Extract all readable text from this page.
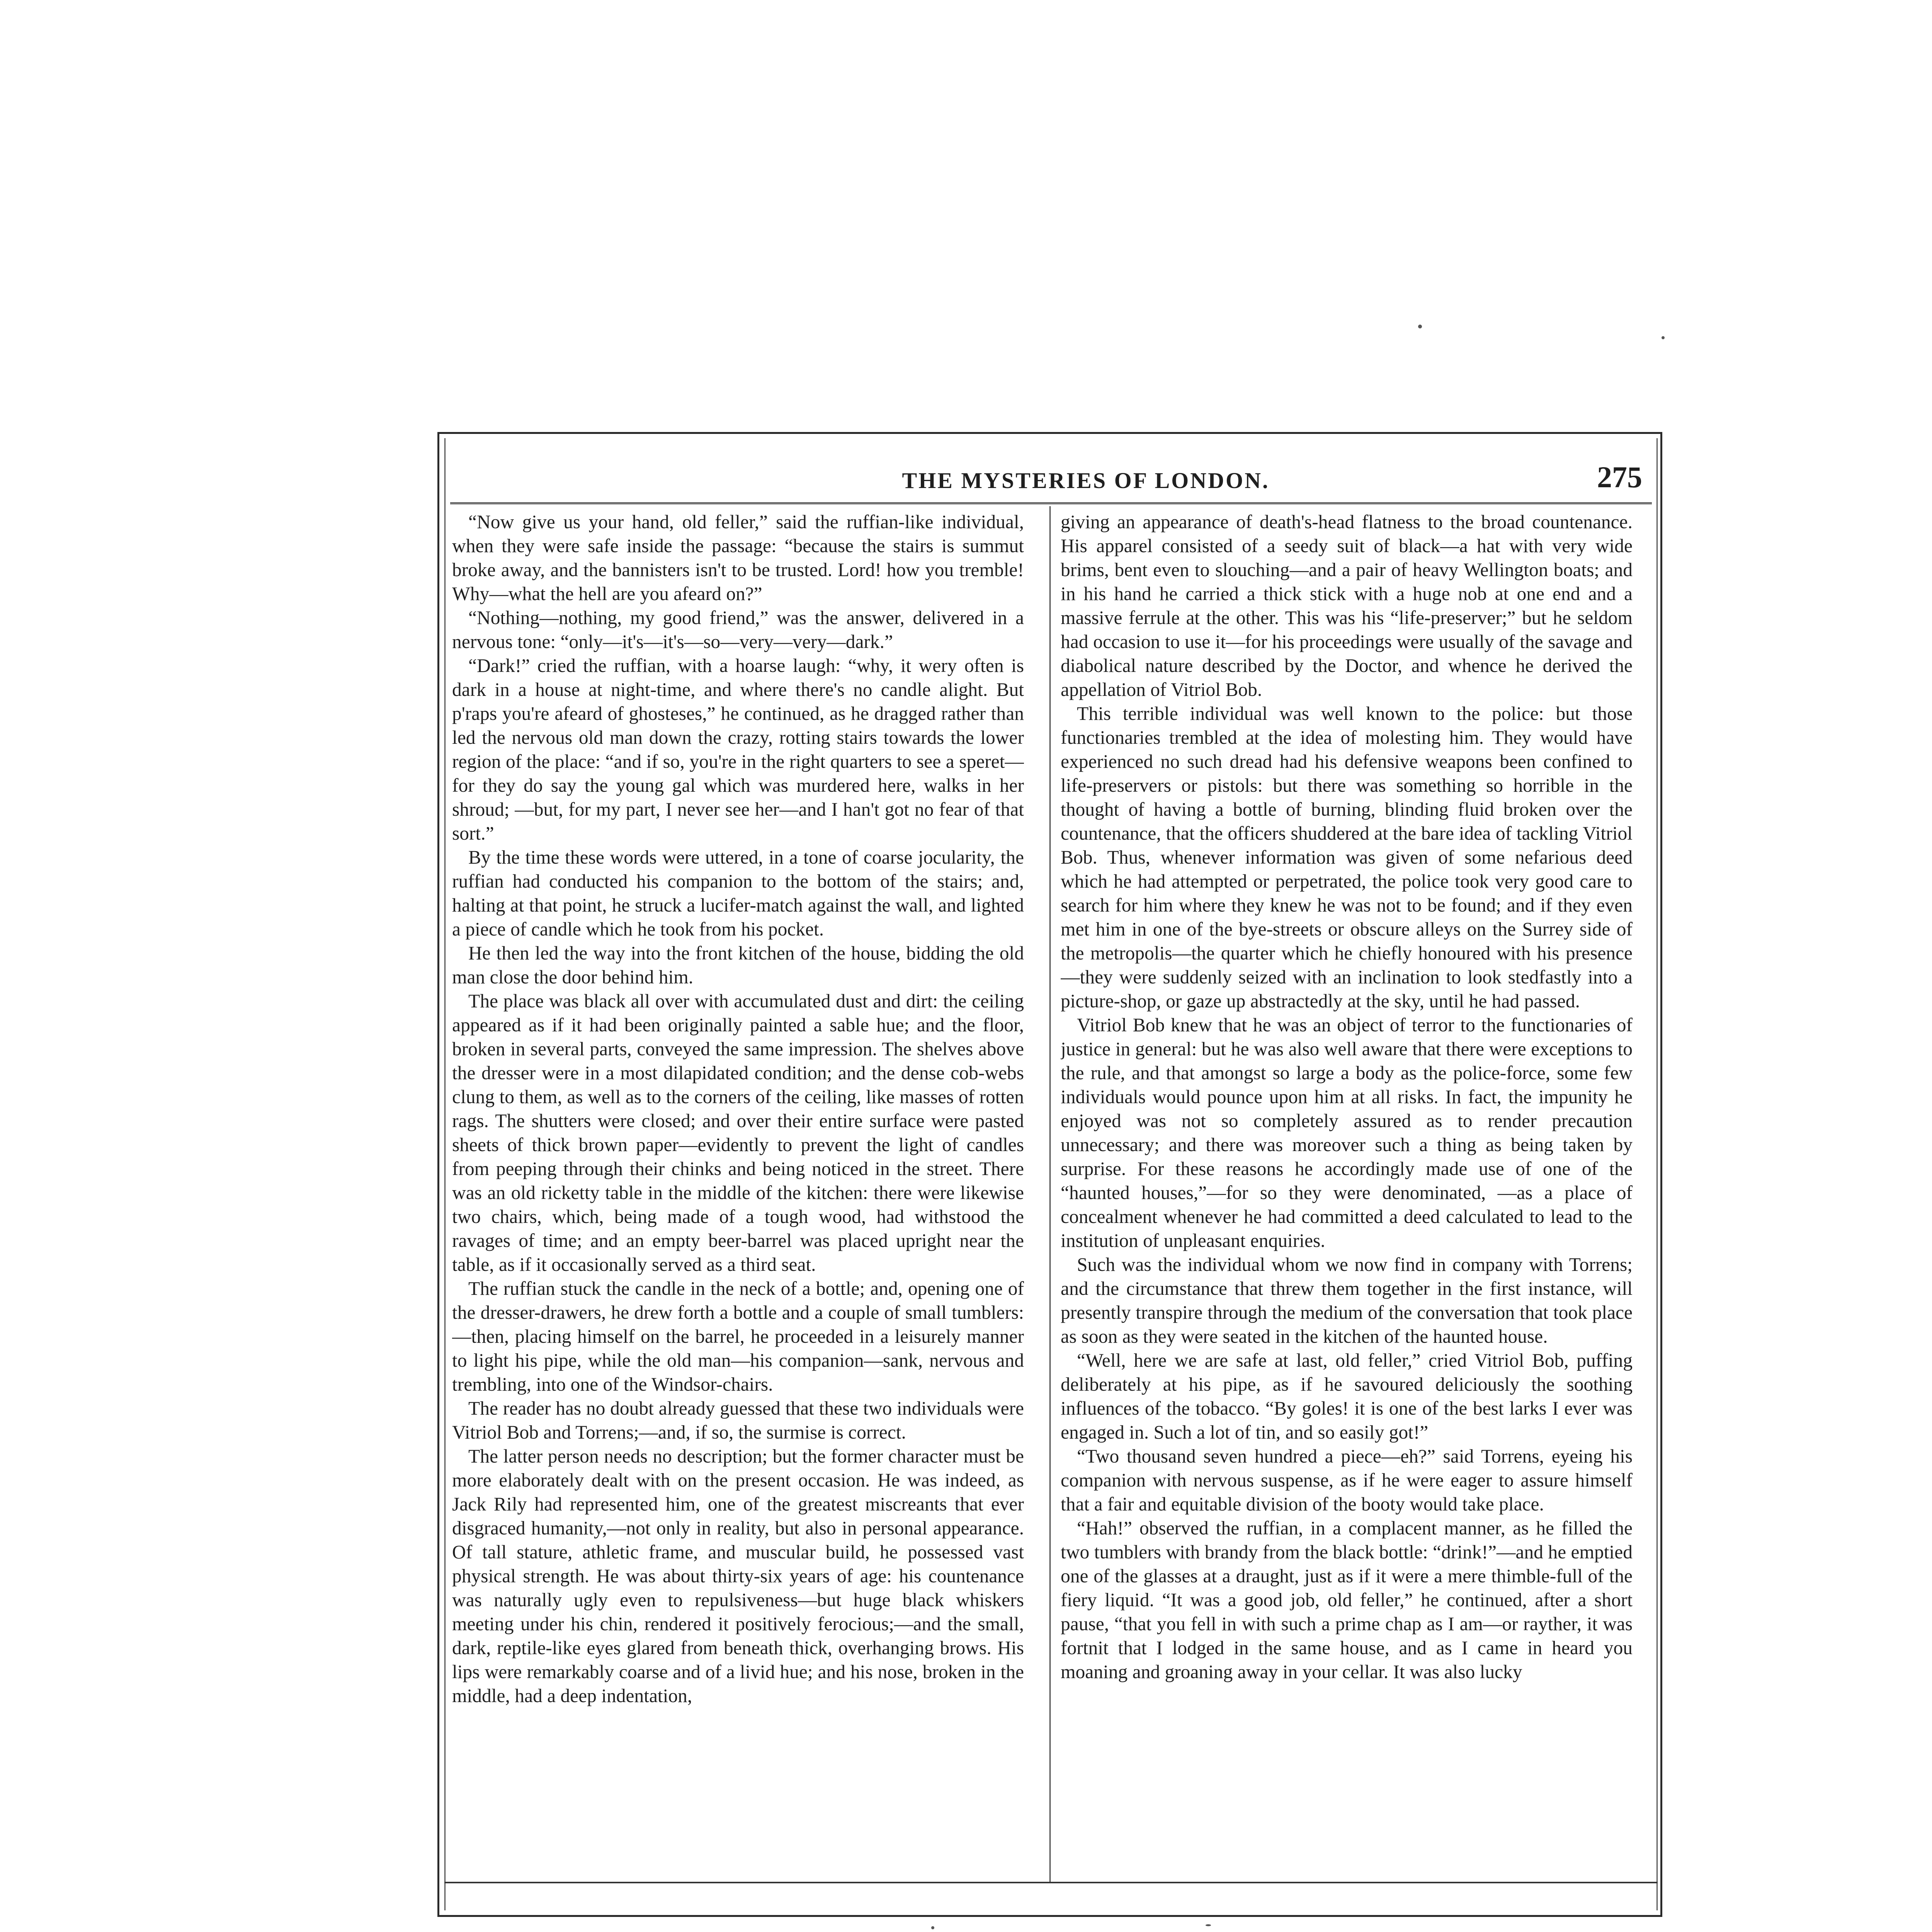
THE MYSTERIES OF LONDON.	275

“Now give us your hand, old feller,” said the ruffian-like individual, when they were safe inside the passage: “because the stairs is summut broke away, and the bannisters isn't to be trusted. Lord! how you tremble! Why—what the hell are you afeard on?”

“Nothing—nothing, my good friend,” was the answer, delivered in a nervous tone: “only—it's—it's—so—very—very—dark.”

“Dark!” cried the ruffian, with a hoarse laugh: “why, it wery often is dark in a house at night-time, and where there's no candle alight. But p'raps you're afeard of ghosteses,” he continued, as he dragged rather than led the nervous old man down the crazy, rotting stairs towards the lower region of the place: “and if so, you're in the right quarters to see a speret—for they do say the young gal which was murdered here, walks in her shroud; —but, for my part, I never see her—and I han't got no fear of that sort.”

By the time these words were uttered, in a tone of coarse jocularity, the ruffian had conducted his companion to the bottom of the stairs; and, halting at that point, he struck a lucifer-match against the wall, and lighted a piece of candle which he took from his pocket.

He then led the way into the front kitchen of the house, bidding the old man close the door behind him.

The place was black all over with accumulated dust and dirt: the ceiling appeared as if it had been originally painted a sable hue; and the floor, broken in several parts, conveyed the same impression. The shelves above the dresser were in a most dilapidated condition; and the dense cob-webs clung to them, as well as to the corners of the ceiling, like masses of rotten rags. The shutters were closed; and over their entire surface were pasted sheets of thick brown paper—evidently to prevent the light of candles from peeping through their chinks and being noticed in the street. There was an old ricketty table in the middle of the kitchen: there were likewise two chairs, which, being made of a tough wood, had withstood the ravages of time; and an empty beer-barrel was placed upright near the table, as if it occasionally served as a third seat.

The ruffian stuck the candle in the neck of a bottle; and, opening one of the dresser-drawers, he drew forth a bottle and a couple of small tumblers:—then, placing himself on the barrel, he proceeded in a leisurely manner to light his pipe, while the old man—his companion—sank, nervous and trembling, into one of the Windsor-chairs.

The reader has no doubt already guessed that these two individuals were Vitriol Bob and Torrens;—and, if so, the surmise is correct.

The latter person needs no description; but the former character must be more elaborately dealt with on the present occasion. He was indeed, as Jack Rily had represented him, one of the greatest miscreants that ever disgraced humanity,—not only in reality, but also in personal appearance. Of tall stature, athletic frame, and muscular build, he possessed vast physical strength. He was about thirty-six years of age: his countenance was naturally ugly even to repulsiveness—but huge black whiskers meeting under his chin, rendered it positively ferocious;—and the small, dark, reptile-like eyes glared from beneath thick, overhanging brows. His lips were remarkably coarse and of a livid hue; and his nose, broken in the middle, had a deep indentation,

giving an appearance of death's-head flatness to the broad countenance. His apparel consisted of a seedy suit of black—a hat with very wide brims, bent even to slouching—and a pair of heavy Wellington boats; and in his hand he carried a thick stick with a huge nob at one end and a massive ferrule at the other. This was his “life-preserver;” but he seldom had occasion to use it—for his proceedings were usually of the savage and diabolical nature described by the Doctor, and whence he derived the appellation of Vitriol Bob.

This terrible individual was well known to the police: but those functionaries trembled at the idea of molesting him. They would have experienced no such dread had his defensive weapons been confined to life-preservers or pistols: but there was something so horrible in the thought of having a bottle of burning, blinding fluid broken over the countenance, that the officers shuddered at the bare idea of tackling Vitriol Bob. Thus, whenever information was given of some nefarious deed which he had attempted or perpetrated, the police took very good care to search for him where they knew he was not to be found; and if they even met him in one of the bye-streets or obscure alleys on the Surrey side of the metropolis—the quarter which he chiefly honoured with his presence—they were suddenly seized with an inclination to look stedfastly into a picture-shop, or gaze up abstractedly at the sky, until he had passed.

Vitriol Bob knew that he was an object of terror to the functionaries of justice in general: but he was also well aware that there were exceptions to the rule, and that amongst so large a body as the police-force, some few individuals would pounce upon him at all risks. In fact, the impunity he enjoyed was not so completely assured as to render precaution unnecessary; and there was moreover such a thing as being taken by surprise. For these reasons he accordingly made use of one of the “haunted houses,”—for so they were denominated, —as a place of concealment whenever he had committed a deed calculated to lead to the institution of unpleasant enquiries.

Such was the individual whom we now find in company with Torrens; and the circumstance that threw them together in the first instance, will presently transpire through the medium of the conversation that took place as soon as they were seated in the kitchen of the haunted house.

“Well, here we are safe at last, old feller,” cried Vitriol Bob, puffing deliberately at his pipe, as if he savoured deliciously the soothing influences of the tobacco. “By goles! it is one of the best larks I ever was engaged in. Such a lot of tin, and so easily got!”

“Two thousand seven hundred a piece—eh?” said Torrens, eyeing his companion with nervous suspense, as if he were eager to assure himself that a fair and equitable division of the booty would take place.

“Hah!” observed the ruffian, in a complacent manner, as he filled the two tumblers with brandy from the black bottle: “drink!”—and he emptied one of the glasses at a draught, just as if it were a mere thimble-full of the fiery liquid. “It was a good job, old feller,” he continued, after a short pause, “that you fell in with such a prime chap as I am—or rayther, it was fortnit that I lodged in the same house, and as I came in heard you moaning and groaning away in your cellar. It was also lucky
